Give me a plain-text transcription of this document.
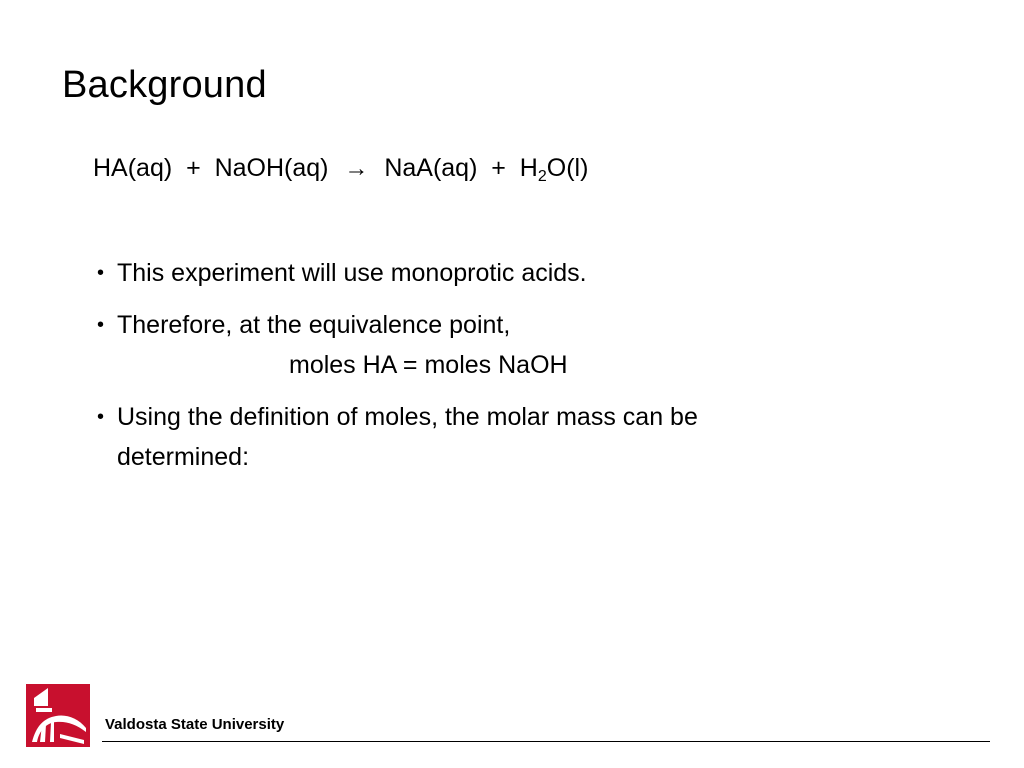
Background
HA(aq)  +  NaOH(aq) → $NaA(aq) + H_2O(l)$
• This experiment will use monoprotic acids.
• Therefore, at the equivalence point,
moles HA = moles NaOH
• Using the definition of moles, the molar mass can be
determined:
Valdosta State University
